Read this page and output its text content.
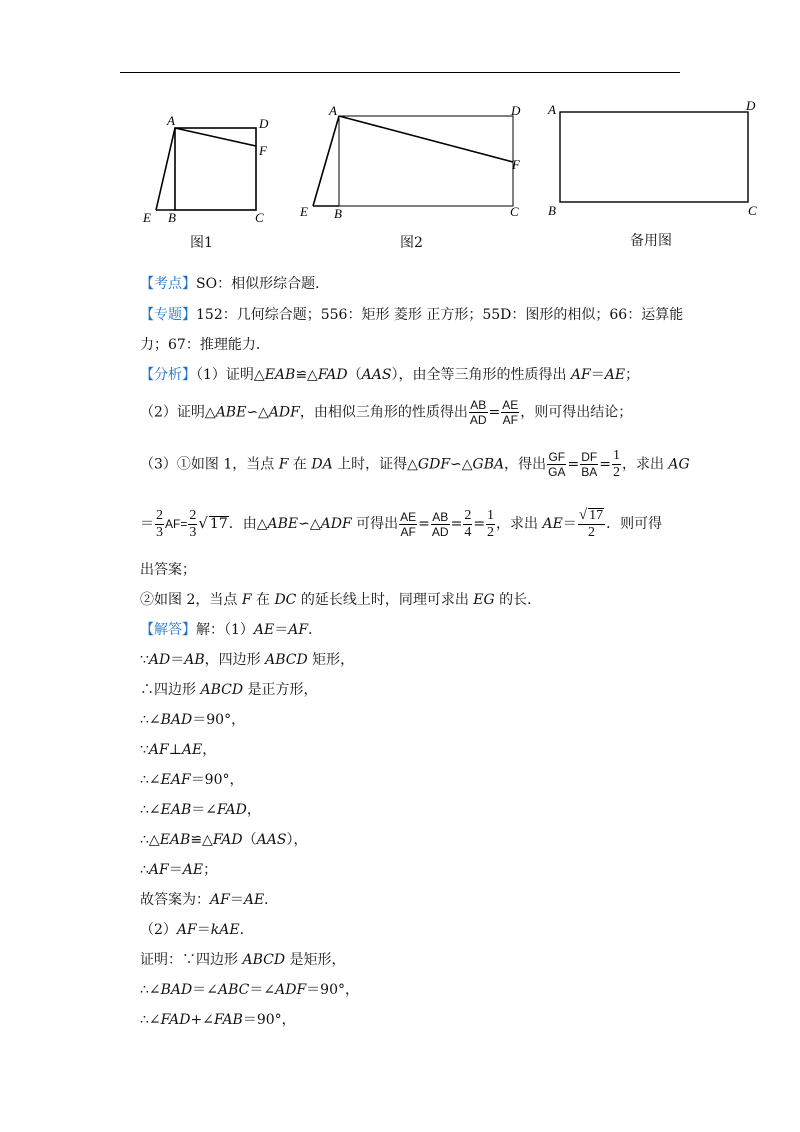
A	D
F
E B	C
图1
A	D
F
E B	C
图2
A	D
B	C
备用图
【考点】SO：相似形综合题．
【专题】152：几何综合题；556：矩形 菱形 正方形；55D：图形的相似；66：运算能
力；67：推理能力．
【分析】（1）证明△EAB≌△FAD（AAS），由全等三角形的性质得出 AF＝AE；
（2）证明△ABE∽△ADF，由相似三角形的性质得出 $\frac{AB}{AD} = \frac{AE}{AF}$ ，则可得出结论；
（3）①如图 1，当点 F 在 DA 上时，证得△GDF∽△GBA，得出 $\frac{GF}{GA} = \frac{DF}{BA} = \frac{1}{2}$ ，求出 AG
＝ $\frac{2}{3} AF= \frac{2}{3}$ √ 17．由△ABE∽△ADF 可得出 $\frac{AE}{AF} = \frac{AB}{AD} = \frac{2}{4} = \frac{1}{2}$ ，求出 $AE= \frac{√ 17}{2}$ ．则可得
出答案；
②如图 2，当点 F 在 DC 的延长线上时，同理可求出 EG 的长．
【解答】解：（1）AE＝AF．
∵AD＝AB，四边形 ABCD 矩形，
∴四边形 ABCD 是正方形，
∴∠BAD＝90°，
∵AF⊥AE，
∴∠EAF＝90°，
∴∠EAB＝∠FAD，
∴△EAB≌△FAD（AAS），
∴AF＝AE；
故答案为：AF＝AE．
（2）AF＝kAE．
证明：∵四边形 ABCD 是矩形，
∴∠BAD＝∠ABC＝∠ADF＝90°，
∴∠FAD+∠FAB＝90°，
